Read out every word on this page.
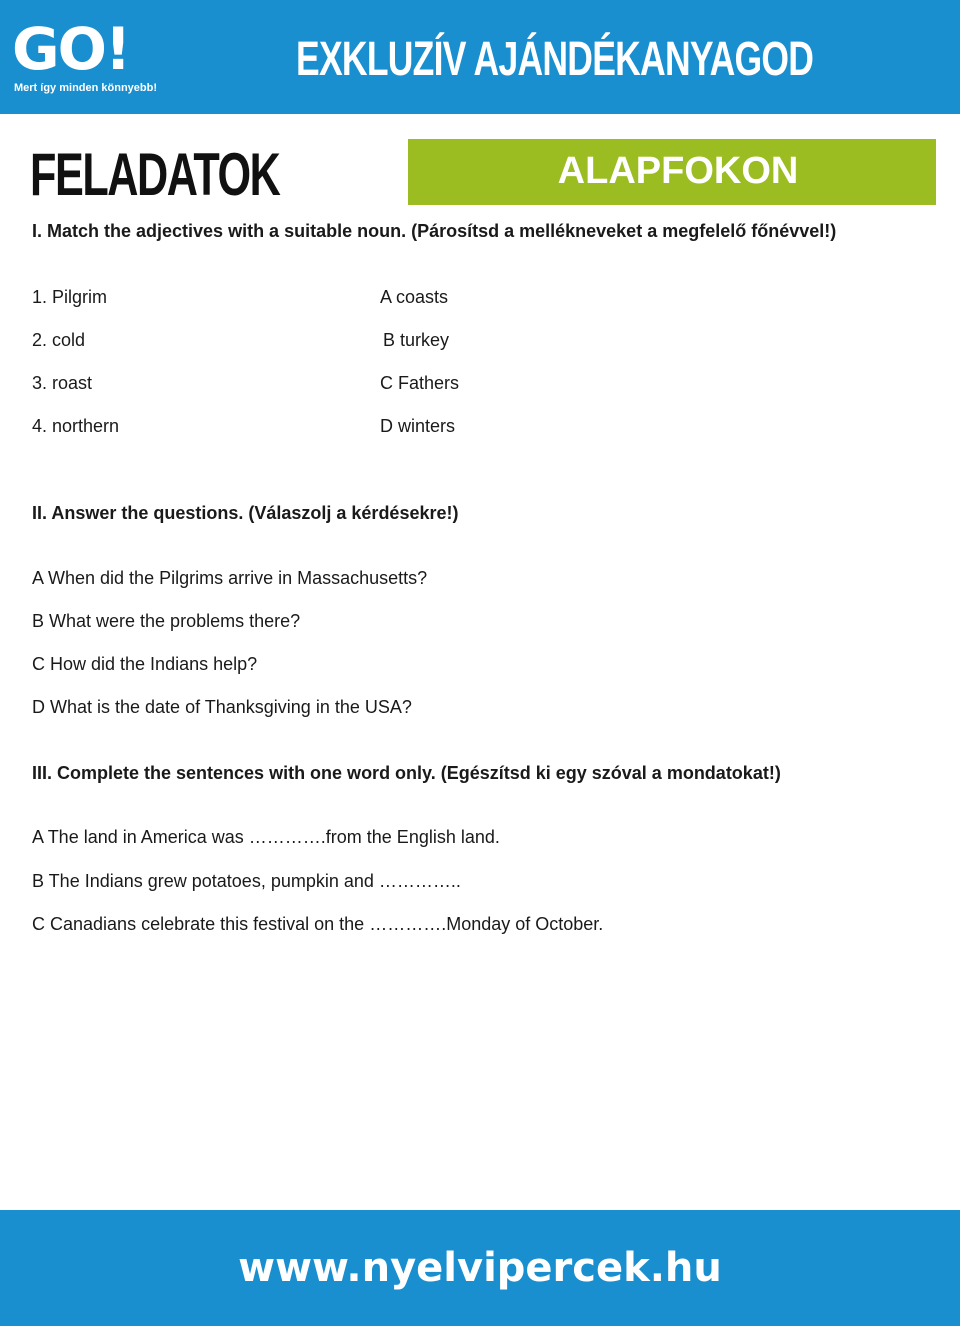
GO!
Mert így minden könnyebb!
EXKLUZÍV AJÁNDÉKANYAGOD
FELADATOK	ALAPFOKON
I. Match the adjectives with a suitable noun. (Párosítsd a mellékneveket a megfelelő főnévvel!)
1. Pilgrim
2. cold
3. roast
4. northern
A coasts
B turkey
C Fathers
D winters
II. Answer the questions. (Válaszolj a kérdésekre!)
A When did the Pilgrims arrive in Massachusetts?
B What were the problems there?
C How did the Indians help?
D What is the date of Thanksgiving in the USA?
III. Complete the sentences with one word only. (Egészítsd ki egy szóval a mondatokat!)
A The land in America was ………….from the English land.
B The Indians grew potatoes, pumpkin and …………..
C Canadians celebrate this festival on the ………….Monday of October.
www.nyelvipercek.hu
